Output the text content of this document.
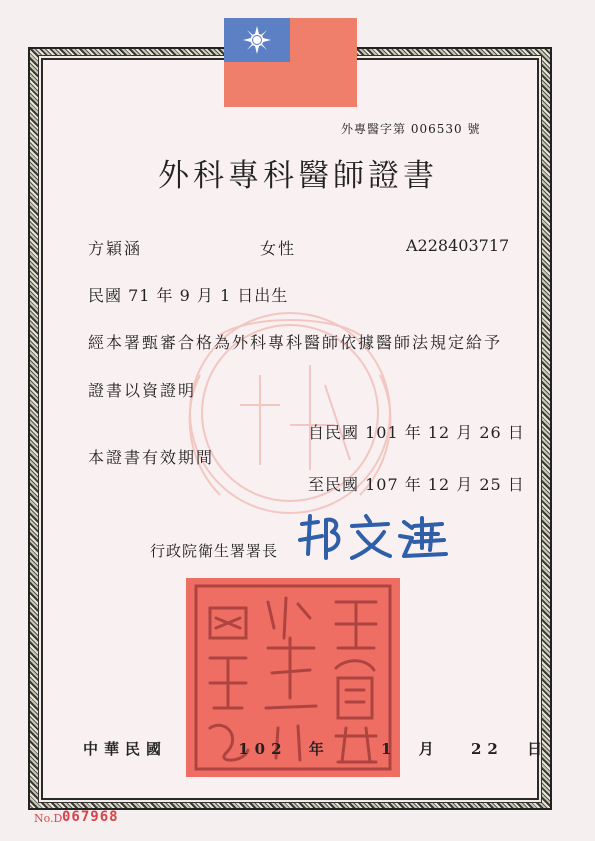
外專醫字第 006530 號
外科專科醫師證書
方穎涵	女性	A228403717
民國 71 年 9 月 1 日出生
經本署甄審合格為外科專科醫師依據醫師法規定給予
證書以資證明
自民國 101 年 12 月 26 日
本證書有效期間
至民國 107 年 12 月 25 日
行政院衛生署署長
中華民國	102 年	1 月 22 日
No.D 067968
